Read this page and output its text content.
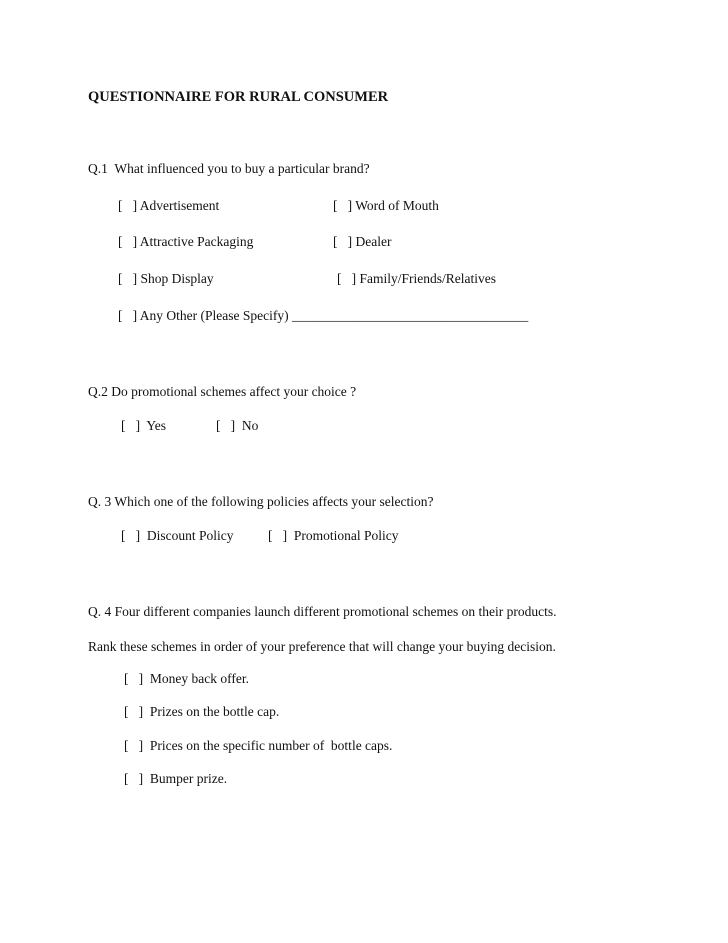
QUESTIONNAIRE FOR RURAL CONSUMER
Q.1  What influenced you to buy a particular brand?
[   ] Advertisement	[   ] Word of Mouth
[   ] Attractive Packaging	[   ] Dealer
[   ] Shop Display	[   ] Family/Friends/Relatives
[   ] Any Other (Please Specify) ___________________________________
Q.2 Do promotional schemes affect your choice ?
[   ]  Yes	[   ]  No
Q. 3 Which one of the following policies affects your selection?
[   ]  Discount Policy	[   ]  Promotional Policy
Q. 4 Four different companies launch different promotional schemes on their products.
Rank these schemes in order of your preference that will change your buying decision.
[   ]  Money back offer.
[   ]  Prizes on the bottle cap.
[   ]  Prices on the specific number of  bottle caps.
[   ]  Bumper prize.
